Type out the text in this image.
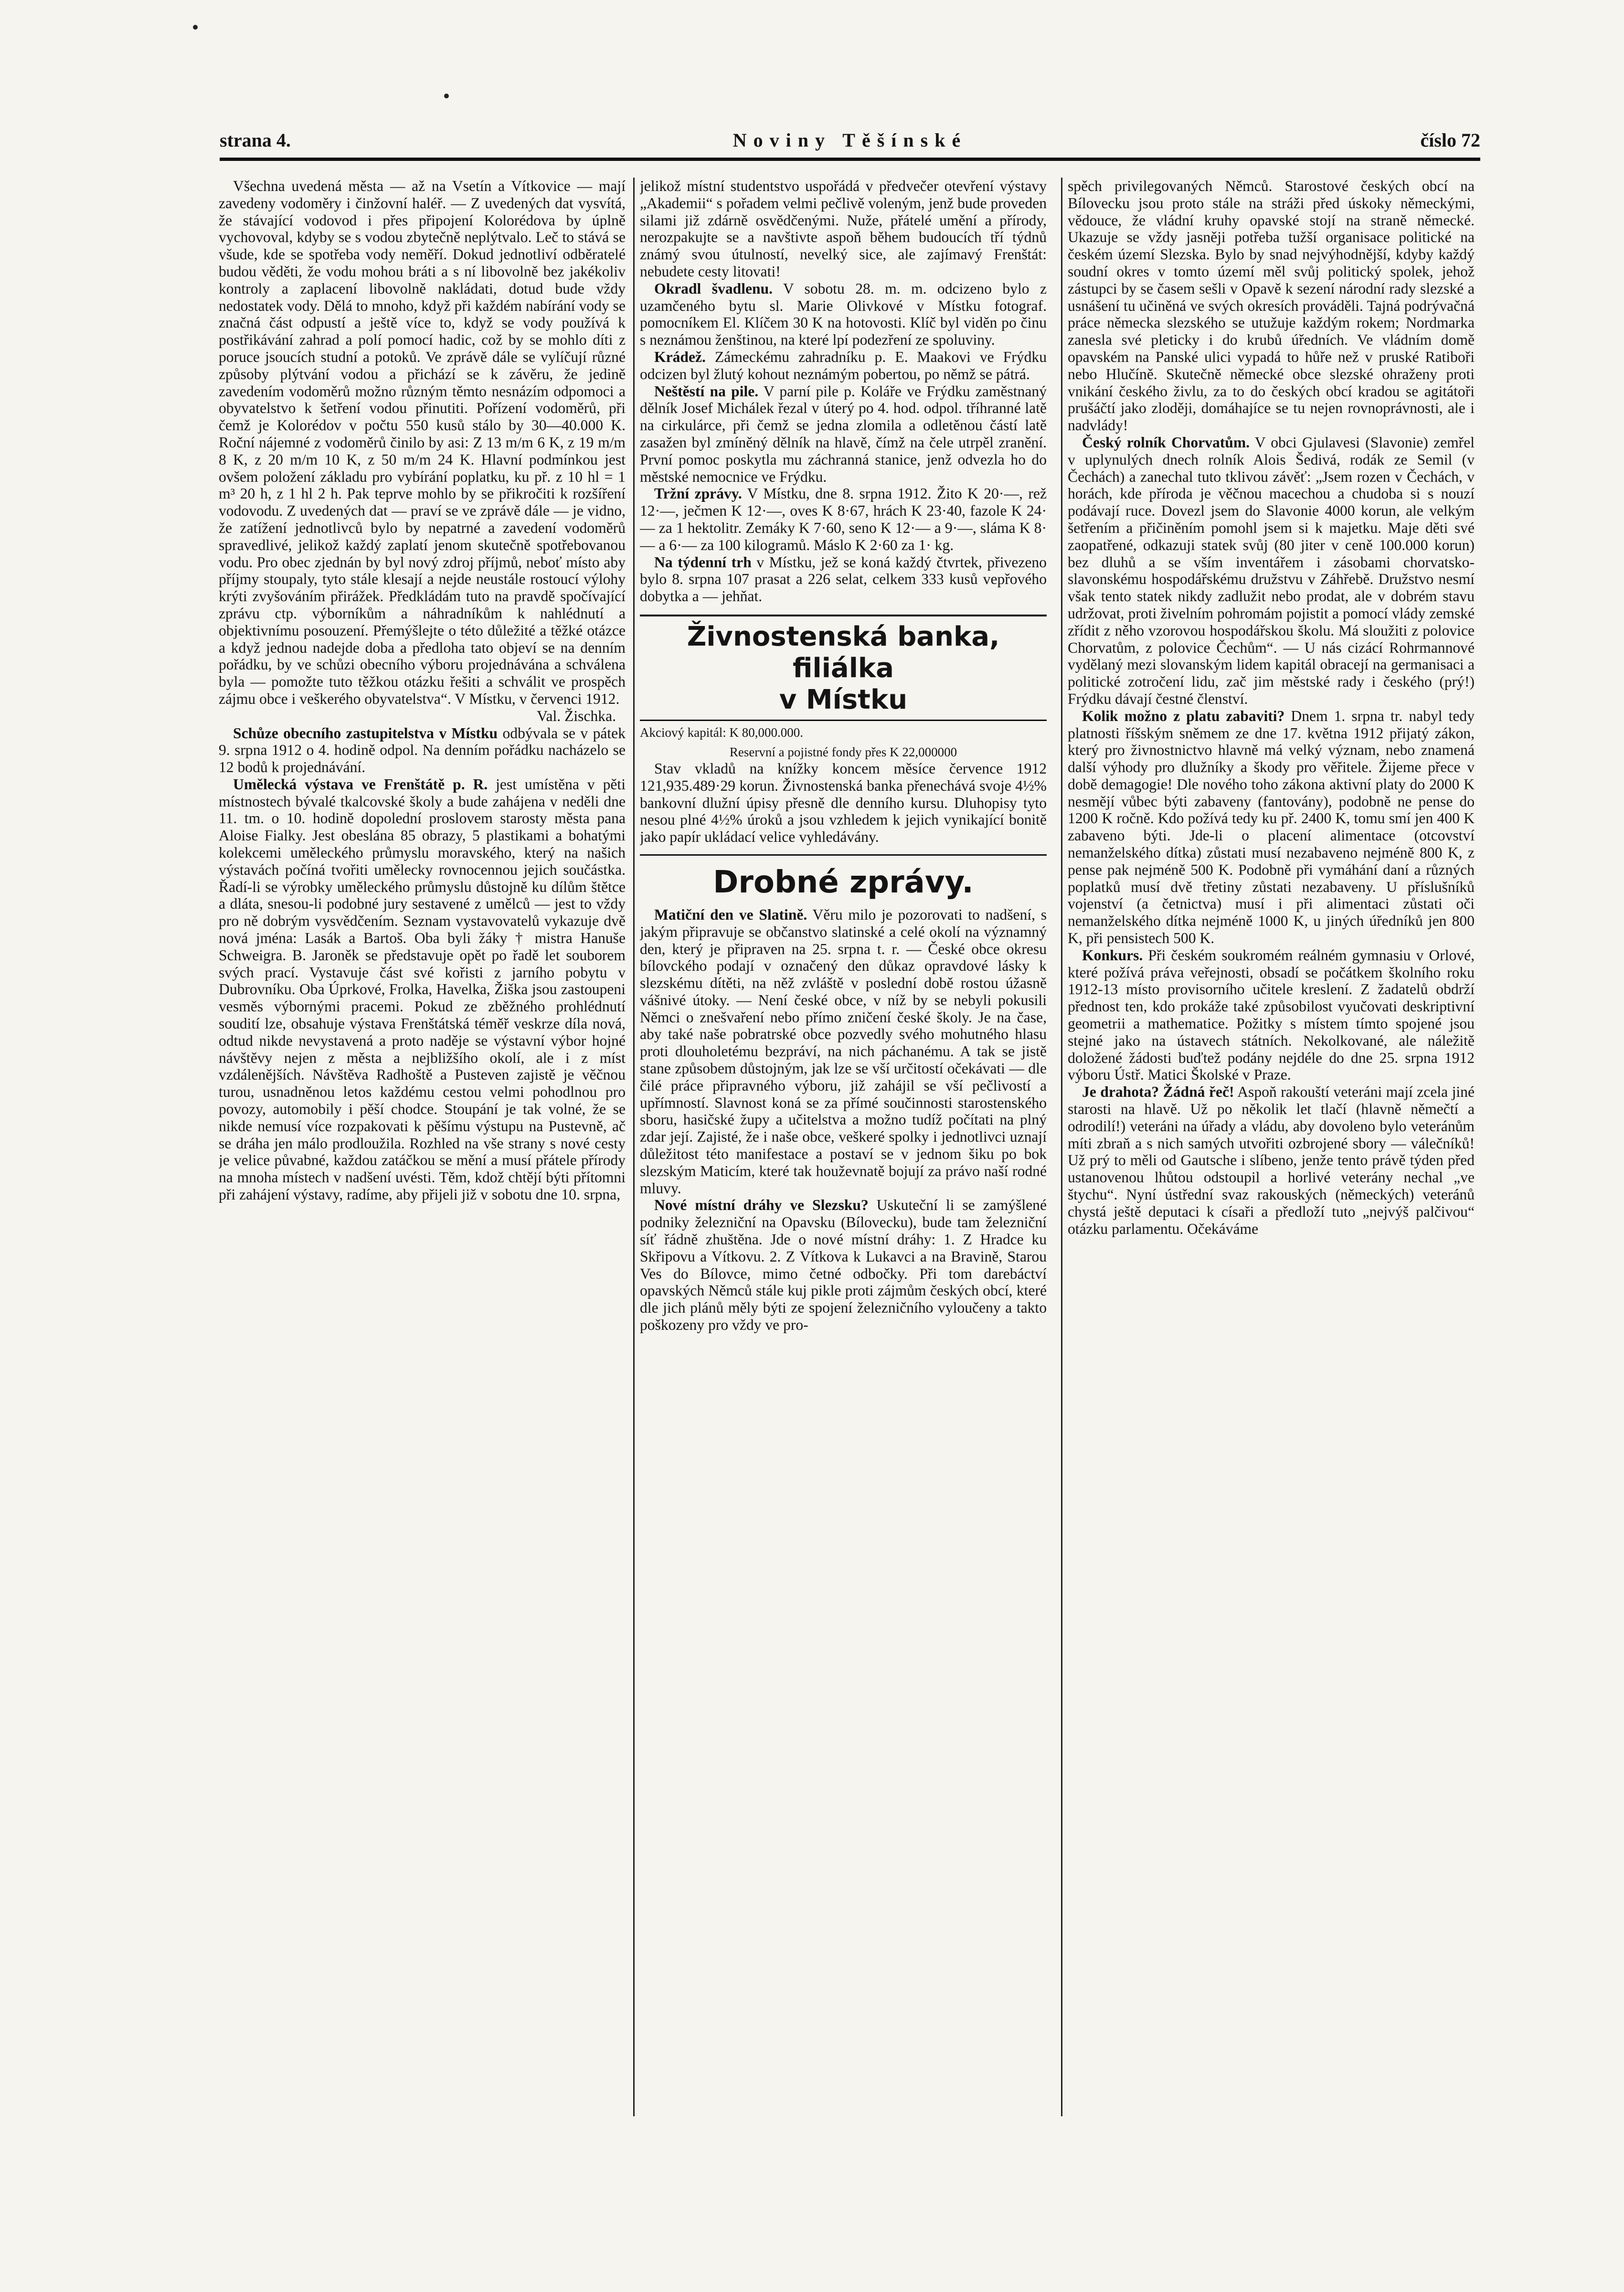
strana 4.	Noviny Těšínské	číslo 72

Všechna uvedená města — až na Vsetín a Vítkovice — mají zavedeny vodoměry i činžovní haléř. — Z uvedených dat vysvítá, že stávající vodovod i přes připojení Kolorédova by úplně vychovoval, kdyby se s vodou zbytečně neplýtvalo. Leč to stává se všude, kde se spotřeba vody neměří. Dokud jednotliví odběratelé budou věděti, že vodu mohou bráti a s ní libovolně bez jakékoliv kontroly a zaplacení libovolně nakládati, dotud bude vždy nedostatek vody. Dělá to mnoho, když při každém nabírání vody se značná část odpustí a ještě více to, když se vody používá k postřikávání zahrad a polí pomocí hadic, což by se mohlo díti z poruce jsoucích studní a potoků. Ve zprávě dále se vylíčují různé způsoby plýtvání vodou a přichází se k závěru, že jedině zavedením vodoměrů možno různým těmto nesnázím odpomoci a obyvatelstvo k šetření vodou přinutiti. Pořízení vodoměrů, při čemž je Kolorédov v počtu 550 kusů stálo by 30—40.000 K. Roční nájemné z vodoměrů činilo by asi: Z 13 m/m 6 K, z 19 m/m 8 K, z 20 m/m 10 K, z 50 m/m 24 K. Hlavní podmínkou jest ovšem položení základu pro vybírání poplatku, ku př. z 10 hl = 1 m³ 20 h, z 1 hl 2 h. Pak teprve mohlo by se přikročiti k rozšíření vodovodu. Z uvedených dat — praví se ve zprávě dále — je vidno, že zatížení jednotlivců bylo by nepatrné a zavedení vodoměrů spravedlivé, jelikož každý zaplatí jenom skutečně spotřebovanou vodu. Pro obec zjednán by byl nový zdroj příjmů, neboť místo aby příjmy stoupaly, tyto stále klesají a nejde neustále rostoucí výlohy krýti zvyšováním přirážek. Předkládám tuto na pravdě spočívající zprávu ctp. výborníkům a náhradníkům k nahlédnutí a objektivnímu posouzení. Přemýšlejte o této důležité a těžké otázce a když jednou nadejde doba a předloha tato objeví se na denním pořádku, by ve schůzi obecního výboru projednávána a schválena byla — pomožte tuto těžkou otázku řešiti a schválit ve prospěch zájmu obce i veškerého obyvatelstva“. V Místku, v červenci 1912.

Val. Žischka.

Schůze obecního zastupitelstva v Místku odbývala se v pátek 9. srpna 1912 o 4. hodině odpol. Na denním pořádku nacházelo se 12 bodů k projednávání.

Umělecká výstava ve Frenštátě p. R. jest umístěna v pěti místnostech bývalé tkalcovské školy a bude zahájena v neděli dne 11. tm. o 10. hodině dopolední proslovem starosty města pana Aloise Fialky. Jest obeslána 85 obrazy, 5 plastikami a bohatými kolekcemi uměleckého průmyslu moravského, který na našich výstavách počíná tvořiti umělecky rovnocennou jejich součástka. Řadí-li se výrobky uměleckého průmyslu důstojně ku dílům štětce a dláta, snesou-li podobné jury sestavené z umělců — jest to vždy pro ně dobrým vysvědčením. Seznam vystavovatelů vykazuje dvě nová jména: Lasák a Bartoš. Oba byli žáky † mistra Hanuše Schweigra. B. Jaroněk se představuje opět po řadě let souborem svých prací. Vystavuje část své kořisti z jarního pobytu v Dubrovníku. Oba Úprkové, Frolka, Havelka, Žiška jsou zastoupeni vesměs výbornými pracemi. Pokud ze zběžného prohlédnutí soudití lze, obsahuje výstava Frenštátská téměř veskrze díla nová, odtud nikde nevystavená a proto naděje se výstavní výbor hojné návštěvy nejen z města a nejbližšího okolí, ale i z míst vzdálenějších. Návštěva Radhoště a Pusteven zajistě je věčnou turou, usnadněnou letos každému cestou velmi pohodlnou pro povozy, automobily i pěší chodce. Stoupání je tak volné, že se nikde nemusí více rozpakovati k pěšímu výstupu na Pustevně, ač se dráha jen málo prodloužila. Rozhled na vše strany s nové cesty je velice půvabné, každou zatáčkou se mění a musí přátele přírody na mnoha místech v nadšení uvésti. Těm, kdož chtějí býti přítomni při zahájení výstavy, radíme, aby přijeli již v sobotu dne 10. srpna,

jelikož místní studentstvo uspořádá v předvečer otevření výstavy „Akademii“ s pořadem velmi pečlivě voleným, jenž bude proveden silami již zdárně osvědčenými. Nuže, přátelé umění a přírody, nerozpakujte se a navštivte aspoň během budoucích tří týdnů známý svou útulností, nevelký sice, ale zajímavý Frenštát: nebudete cesty litovati!

Okradl švadlenu. V sobotu 28. m. m. odcizeno bylo z uzamčeného bytu sl. Marie Olivkové v Místku fotograf. pomocníkem El. Klíčem 30 K na hotovosti. Klíč byl viděn po činu s neznámou ženštinou, na které lpí podezření ze spoluviny.

Krádež. Zámeckému zahradníku p. E. Maakovi ve Frýdku odcizen byl žlutý kohout neznámým pobertou, po němž se pátrá.

Neštěstí na pile. V parní pile p. Koláře ve Frýdku zaměstnaný dělník Josef Michálek řezal v úterý po 4. hod. odpol. tříhranné latě na cirkulárce, při čemž se jedna zlomila a odletěnou částí latě zasažen byl zmíněný dělník na hlavě, čímž na čele utrpěl zranění. První pomoc poskytla mu záchranná stanice, jenž odvezla ho do městské nemocnice ve Frýdku.

Tržní zprávy. V Místku, dne 8. srpna 1912. Žito K 20·—, rež 12·—, ječmen K 12·—, oves K 8·67, hrách K 23·40, fazole K 24·— za 1 hektolitr. Zemáky K 7·60, seno K 12·— a 9·—, sláma K 8·— a 6·— za 100 kilogramů. Máslo K 2·60 za 1· kg.

Na týdenní trh v Místku, jež se koná každý čtvrtek, přivezeno bylo 8. srpna 107 prasat a 226 selat, celkem 333 kusů vepřového dobytka a — jehňat.

Živnostenská banka, filiálka
v Místku
Akciový kapitál: K 80,000.000.
Reservní a pojistné fondy přes K 22,000000

Stav vkladů na knížky koncem měsíce července 1912 121,935.489·29 korun. Živnostenská banka přenechává svoje 4½% bankovní dlužní úpisy přesně dle denního kursu. Dluhopisy tyto nesou plné 4½% úroků a jsou vzhledem k jejich vynikající bonitě jako papír ukládací velice vyhledávány.

Drobné zprávy.

Matiční den ve Slatině. Věru milo je pozorovati to nadšení, s jakým připravuje se občanstvo slatinské a celé okolí na významný den, který je připraven na 25. srpna t. r. — České obce okresu bílovckého podají v označený den důkaz opravdové lásky k slezskému dítěti, na něž zvláště v poslední době rostou úžasně vášnivé útoky. — Není české obce, v níž by se nebyli pokusili Němci o znešvaření nebo přímo zničení české školy. Je na čase, aby také naše pobratrské obce pozvedly svého mohutného hlasu proti dlouholetému bezpráví, na nich páchanému. A tak se jistě stane způsobem důstojným, jak lze se vší určitostí očekávati — dle čilé práce připravného výboru, již zahájil se vší pečlivostí a upřímností. Slavnost koná se za přímé součinnosti starostenského sboru, hasičské župy a učitelstva a možno tudíž počítati na plný zdar její. Zajisté, že i naše obce, veškeré spolky i jednotlivci uznají důležitost této manifestace a postaví se v jednom šiku po bok slezským Maticím, které tak houževnatě bojují za právo naší rodné mluvy.

Nové místní dráhy ve Slezsku? Uskuteční li se zamýšlené podniky železniční na Opavsku (Bílovecku), bude tam železniční síť řádně zhuštěna. Jde o nové místní dráhy: 1. Z Hradce ku Skřipovu a Vítkovu. 2. Z Vítkova k Lukavci a na Bravině, Starou Ves do Bílovce, mimo četné odbočky. Při tom darebáctví opavských Němců stále kuj pikle proti zájmům českých obcí, které dle jich plánů měly býti ze spojení železničního vyloučeny a takto poškozeny pro vždy ve pro-

spěch privilegovaných Němců. Starostové českých obcí na Bílovecku jsou proto stále na stráži před úskoky německými, vědouce, že vládní kruhy opavské stojí na straně německé. Ukazuje se vždy jasněji potřeba tužší organisace politické na českém území Slezska. Bylo by snad nejvýhodnější, kdyby každý soudní okres v tomto území měl svůj politický spolek, jehož zástupci by se časem sešli v Opavě k sezení národní rady slezské a usnášení tu učiněná ve svých okresích prováděli. Tajná podrývačná práce německa slezského se utužuje každým rokem; Nordmarka zanesla své pleticky i do krubů úředních. Ve vládním domě opavském na Panské ulici vypadá to hůře než v pruské Ratiboři nebo Hlučíně. Skutečně německé obce slezské ohraženy proti vnikání českého živlu, za to do českých obcí kradou se agitátoři prušáčtí jako zloději, domáhajíce se tu nejen rovnoprávnosti, ale i nadvlády!

Český rolník Chorvatům. V obci Gjulavesi (Slavonie) zemřel v uplynulých dnech rolník Alois Šedivá, rodák ze Semil (v Čechách) a zanechal tuto tklivou závěť: „Jsem rozen v Čechách, v horách, kde příroda je věčnou macechou a chudoba si s nouzí podávají ruce. Dovezl jsem do Slavonie 4000 korun, ale velkým šetřením a přičiněním pomohl jsem si k majetku. Maje děti své zaopatřené, odkazuji statek svůj (80 jiter v ceně 100.000 korun) bez dluhů a se vším inventářem i zásobami chorvatsko-slavonskému hospodářskému družstvu v Záhřebě. Družstvo nesmí však tento statek nikdy zadlužit nebo prodat, ale v dobrém stavu udržovat, proti živelním pohromám pojistit a pomocí vlády zemské zřídit z něho vzorovou hospodářskou školu. Má sloužiti z polovice Chorvatům, z polovice Čechům“. — U nás cizácí Rohrmannové vydělaný mezi slovanským lidem kapitál obracejí na germanisaci a politické zotročení lidu, zač jim městské rady i českého (prý!) Frýdku dávají čestné členství.

Kolik možno z platu zabaviti? Dnem 1. srpna tr. nabyl tedy platnosti říšským sněmem ze dne 17. května 1912 přijatý zákon, který pro živnostnictvo hlavně má velký význam, nebo znamená další výhody pro dlužníky a škody pro věřitele. Žijeme přece v době demagogie! Dle nového toho zákona aktivní platy do 2000 K nesmějí vůbec býti zabaveny (fantovány), podobně ne pense do 1200 K ročně. Kdo požívá tedy ku př. 2400 K, tomu smí jen 400 K zabaveno býti. Jde-li o placení alimentace (otcovství nemanželského dítka) zůstati musí nezabaveno nejméně 800 K, z pense pak nejméně 500 K. Podobně při vymáhání daní a různých poplatků musí dvě třetiny zůstati nezabaveny. U příslušníků vojenství (a četnictva) musí i při alimentaci zůstati oči nemanželského dítka nejméně 1000 K, u jiných úředníků jen 800 K, při pensistech 500 K.

Konkurs. Při českém soukromém reálném gymnasiu v Orlové, které požívá práva veřejnosti, obsadí se počátkem školního roku 1912-13 místo provisorního učitele kreslení. Z žadatelů obdrží přednost ten, kdo prokáže také způsobilost vyučovati deskriptivní geometrii a mathematice. Požitky s místem tímto spojené jsou stejné jako na ústavech státních. Nekolkované, ale náležitě doložené žádosti buďtež podány nejdéle do dne 25. srpna 1912 výboru Ústř. Matici Školské v Praze.

Je drahota? Žádná řeč! Aspoň rakouští veteráni mají zcela jiné starosti na hlavě. Už po několik let tlačí (hlavně němečtí a odrodilí!) veteráni na úřady a vládu, aby dovoleno bylo veteránům míti zbraň a s nich samých utvořiti ozbrojené sbory — válečníků! Už prý to měli od Gautsche i slíbeno, jenže tento právě týden před ustanovenou lhůtou odstoupil a horlivé veterány nechal „ve štychu“. Nyní ústřední svaz rakouských (německých) veteránů chystá ještě deputaci k císaři a předloží tuto „nejvýš palčivou“ otázku parlamentu. Očekáváme
